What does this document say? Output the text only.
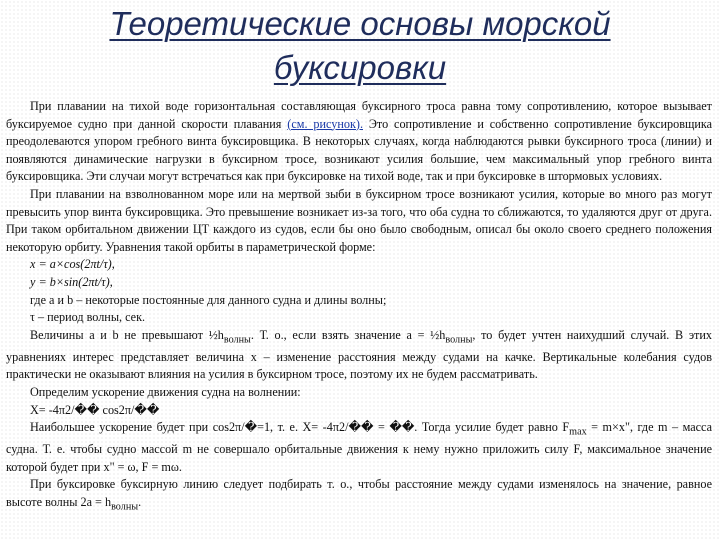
Теоретические основы морской
буксировки

При плавании на тихой воде горизонтальная составляющая буксирного троса равна тому сопротивлению, которое вызывает буксируемое судно при данной скорости плавания (см. рисунок). Это сопротивление и собственно сопротивление буксировщика преодолеваются упором гребного винта буксировщика. В некоторых случаях, когда наблюдаются рывки буксирного троса (линии) и появляются динамические нагрузки в буксирном тросе, возникают усилия большие, чем максимальный упор гребного винта буксировщика. Эти случаи могут встречаться как при буксировке на тихой воде, так и при буксировке в штормовых условиях.

При плавании на взволнованном море или на мертвой зыби в буксирном тросе возникают усилия, которые во много раз могут превысить упор винта буксировщика. Это превышение возникает из-за того, что оба судна то сближаются, то удаляются друг от друга. При таком орбитальном движении ЦТ каждого из судов, если бы оно было свободным, описал бы около своего среднего положения некоторую орбиту. Уравнения такой орбиты в параметрической форме:

x = a×cos(2πt/τ),

y = b×sin(2πt/τ),

где a и b – некоторые постоянные для данного судна и длины волны;

τ – период волны, сек.

Величины a и b не превышают $\frac{1}{2}h_{волны}$. Т. о., если взять значение $a = \frac{1}{2}h_{волны}$, то будет учтен наихудший случай. В этих уравнениях интерес представляет величина x – изменение расстояния между судами на качке. Вертикальные колебания судов практически не оказывают влияния на усилия в буксирном тросе, поэтому их не будем рассматривать.

Определим ускорение движения судна на волнении:

X= -4π2/�� cos2π/��

Наибольшее ускорение будет при cos2π/�=1, т. е. X= -4π2/�� = ��. Тогда усилие будет равно $F_{max} = m\times x$", где m – масса судна. Т. е. чтобы судно массой m не совершало орбитальные движения к нему нужно приложить силу F, максимальное значение которой будет при x" = ω, F = mω.

При буксировке буксирную линию следует подбирать т. о., чтобы расстояние между судами изменялось на значение, равное высоте волны $2a = h_{волны}$.
